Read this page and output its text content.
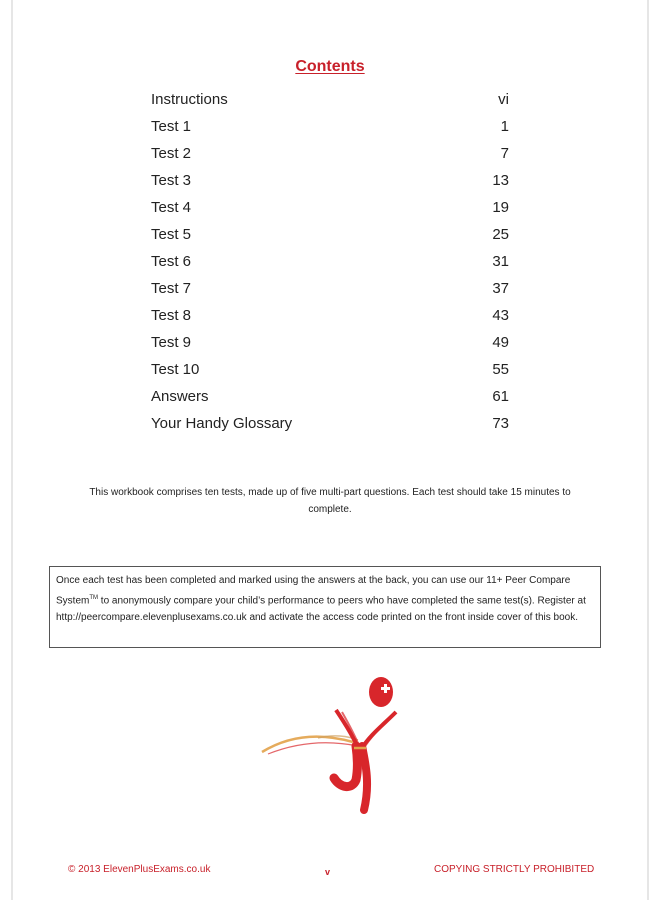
Contents
Instructions	vi
Test 1	1
Test 2	7
Test 3	13
Test 4	19
Test 5	25
Test 6	31
Test 7	37
Test 8	43
Test 9	49
Test 10	55
Answers	61
Your Handy Glossary	73
This workbook comprises ten tests, made up of five multi-part questions. Each test should take 15 minutes to complete.
Once each test has been completed and marked using the answers at the back, you can use our 11+ Peer Compare System™ to anonymously compare your child’s performance to peers who have completed the same test(s). Register at http://peercompare.elevenplusexams.co.uk and activate the access code printed on the front inside cover of this book.
© 2013 ElevenPlusExams.co.uk	v	COPYING STRICTLY PROHIBITED
